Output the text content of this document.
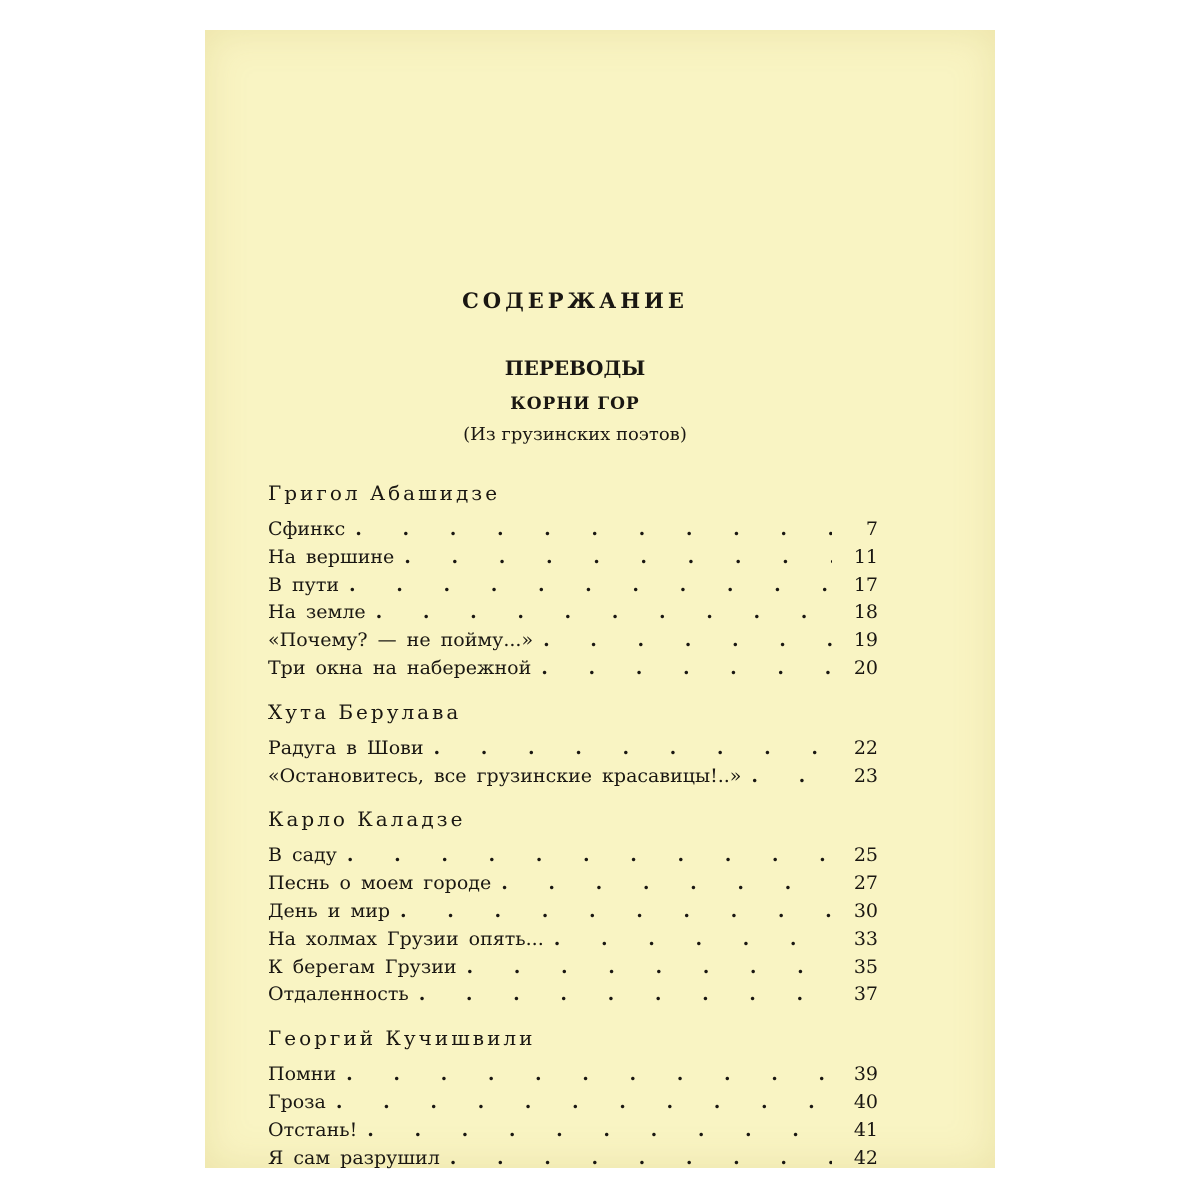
СОДЕРЖАНИЕ
ПЕРЕВОДЫ
КОРНИ ГОР
(Из грузинских поэтов)
Григол Абашидзе
Сфинкс . . .	7
На вершине . . .	11
В пути . . .	17
На земле . . .	18
«Почему? — не пойму...» . . .	19
Три окна на набережной . . .	20
Хута Берулава
Радуга в Шови . . .	22
«Остановитесь, все грузинские красавицы!..» . . .	23
Карло Каладзе
В саду . . .	25
Песнь о моем городе . . .	27
День и мир . . .	30
На холмах Грузии опять... . . .	33
К берегам Грузии . . .	35
Отдаленность . . .	37
Георгий Кучишвили
Помни . . .	39
Гроза . . .	40
Отстань! . . .	41
Я сам разрушил . . .	42
